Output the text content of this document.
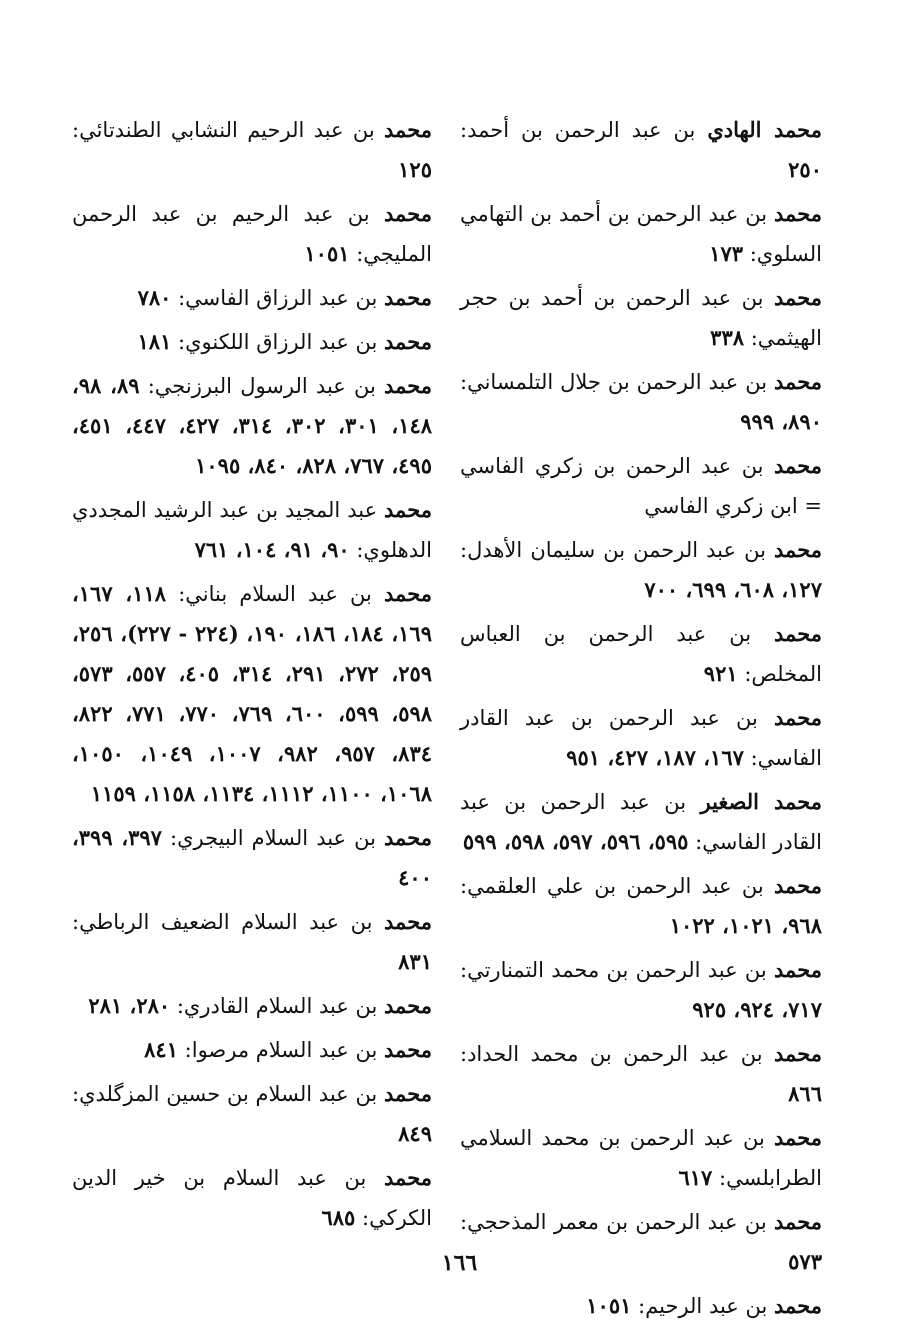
محمد الهادي بن عبد الرحمن بن أحمد: ٢٥٠
محمد بن عبد الرحمن بن أحمد بن التهامي السلوي: ١٧٣
محمد بن عبد الرحمن بن أحمد بن حجر الهيثمي: ٣٣٨
محمد بن عبد الرحمن بن جلال التلمساني: ٨٩٠، ٩٩٩
محمد بن عبد الرحمن بن زكري الفاسي = ابن زكري الفاسي
محمد بن عبد الرحمن بن سليمان الأهدل: ١٢٧، ٦٠٨، ٦٩٩، ٧٠٠
محمد بن عبد الرحمن بن العباس المخلص: ٩٢١
محمد بن عبد الرحمن بن عبد القادر الفاسي: ١٦٧، ١٨٧، ٤٢٧، ٩٥١
محمد الصغير بن عبد الرحمن بن عبد القادر الفاسي: ٥٩٥، ٥٩٦، ٥٩٧، ٥٩٨، ٥٩٩
محمد بن عبد الرحمن بن علي العلقمي: ٩٦٨، ١٠٢١، ١٠٢٢
محمد بن عبد الرحمن بن محمد التمنارتي: ٧١٧، ٩٢٤، ٩٢٥
محمد بن عبد الرحمن بن محمد الحداد: ٨٦٦
محمد بن عبد الرحمن بن محمد السلامي الطرابلسي: ٦١٧
محمد بن عبد الرحمن بن معمر المذحجي: ٥٧٣
محمد بن عبد الرحيم: ١٠٥١
محمد بن عبد الرحيم النشابي الطندتائي: ١٢٥
محمد بن عبد الرحيم بن عبد الرحمن المليجي: ١٠٥١
محمد بن عبد الرزاق الفاسي: ٧٨٠
محمد بن عبد الرزاق اللكنوي: ١٨١
محمد بن عبد الرسول البرزنجي: ٨٩، ٩٨، ١٤٨، ٣٠١، ٣٠٢، ٣١٤، ٤٢٧، ٤٤٧، ٤٥١، ٤٩٥، ٧٦٧، ٨٢٨، ٨٤٠، ١٠٩٥
محمد عبد المجيد بن عبد الرشيد المجددي الدهلوي: ٩٠، ٩١، ١٠٤، ٧٦١
محمد بن عبد السلام بناني: ١١٨، ١٦٧، ١٦٩، ١٨٤، ١٨٦، ١٩٠، (٢٢٤ - ٢٢٧)، ٢٥٦، ٢٥٩، ٢٧٢، ٢٩١، ٣١٤، ٤٠٥، ٥٥٧، ٥٧٣، ٥٩٨، ٥٩٩، ٦٠٠، ٧٦٩، ٧٧٠، ٧٧١، ٨٢٢، ٨٣٤، ٩٥٧، ٩٨٢، ١٠٠٧، ١٠٤٩، ١٠٥٠، ١٠٦٨، ١١٠٠، ١١١٢، ١١٣٤، ١١٥٨، ١١٥٩
محمد بن عبد السلام البيجري: ٣٩٧، ٣٩٩، ٤٠٠
محمد بن عبد السلام الضعيف الرباطي: ٨٣١
محمد بن عبد السلام القادري: ٢٨٠، ٢٨١
محمد بن عبد السلام مرصوا: ٨٤١
محمد بن عبد السلام بن حسين المزگلدي: ٨٤٩
محمد بن عبد السلام بن خير الدين الكركي: ٦٨٥
١٦٦
